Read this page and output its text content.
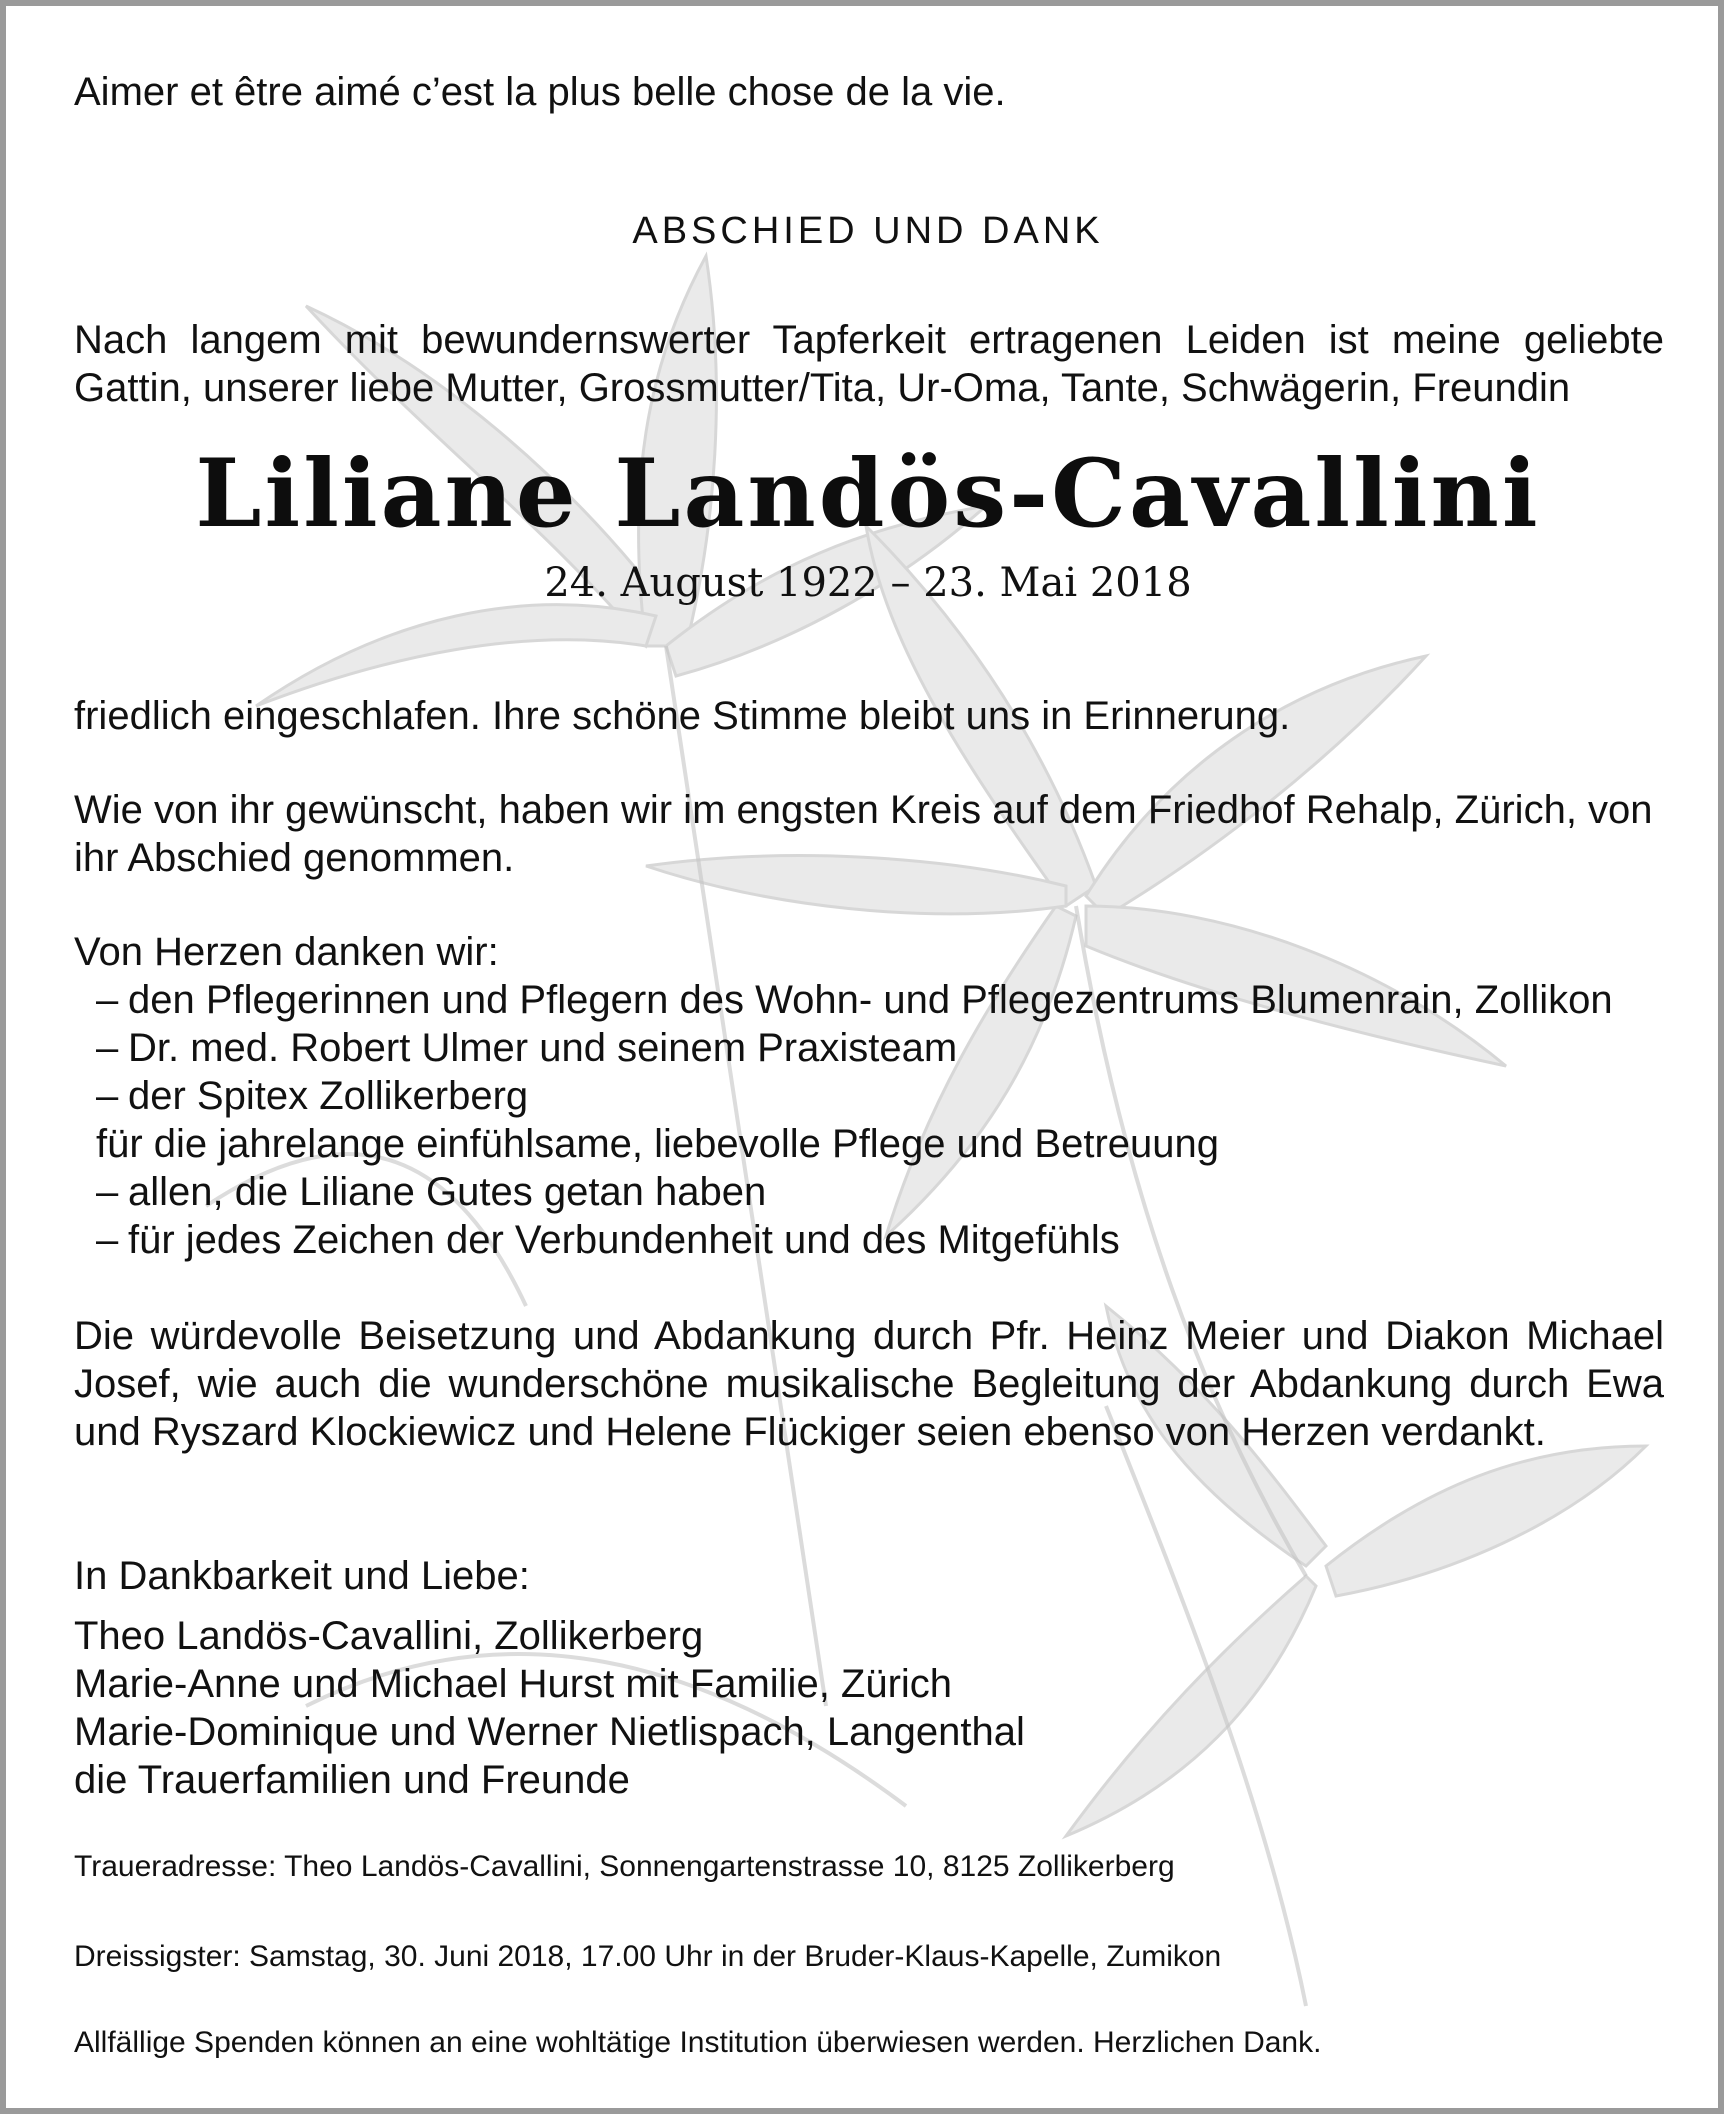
Aimer et être aimé c’est la plus belle chose de la vie.

ABSCHIED UND DANK

Nach langem mit bewundernswerter Tapferkeit ertragenen Leiden ist meine geliebte Gattin, unserer liebe Mutter, Grossmutter/Tita, Ur-Oma, Tante, Schwägerin, Freundin

Liliane Landös-Cavallini

24. August 1922 – 23. Mai 2018

friedlich eingeschlafen. Ihre schöne Stimme bleibt uns in Erinnerung.

Wie von ihr gewünscht, haben wir im engsten Kreis auf dem Friedhof Rehalp, Zürich, von ihr Abschied genommen.

Von Herzen danken wir:

– den Pflegerinnen und Pflegern des Wohn- und Pflegezentrums Blumenrain, Zollikon
– Dr. med. Robert Ulmer und seinem Praxisteam
– der Spitex Zollikerberg
für die jahrelange einfühlsame, liebevolle Pflege und Betreuung
– allen, die Liliane Gutes getan haben
– für jedes Zeichen der Verbundenheit und des Mitgefühls

Die würdevolle Beisetzung und Abdankung durch Pfr. Heinz Meier und Diakon Michael Josef, wie auch die wunderschöne musikalische Begleitung der Abdankung durch Ewa und Ryszard Klockiewicz und Helene Flückiger seien ebenso von Herzen verdankt.

In Dankbarkeit und Liebe:

Theo Landös-Cavallini, Zollikerberg
Marie-Anne und Michael Hurst mit Familie, Zürich
Marie-Dominique und Werner Nietlispach, Langenthal
die Trauerfamilien und Freunde

Traueradresse: Theo Landös-Cavallini, Sonnengartenstrasse 10, 8125 Zollikerberg

Dreissigster: Samstag, 30. Juni 2018, 17.00 Uhr in der Bruder-Klaus-Kapelle, Zumikon

Allfällige Spenden können an eine wohltätige Institution überwiesen werden. Herzlichen Dank.
